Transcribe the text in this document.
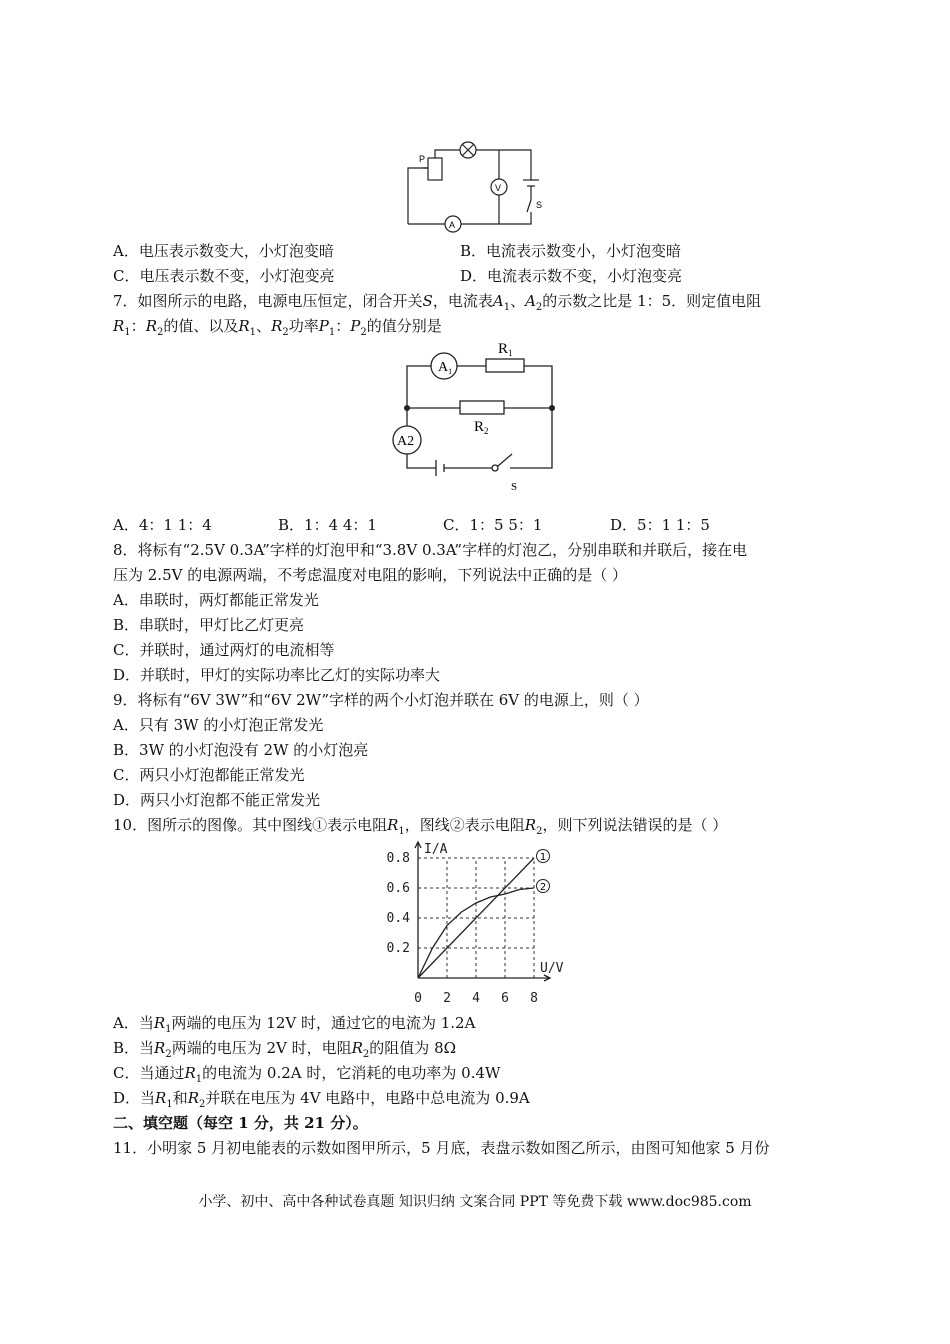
P
V
A
S
A．电压表示数变大，小灯泡变暗	B．电流表示数变小，小灯泡变暗
C．电压表示数不变，小灯泡变亮	D．电流表示数不变，小灯泡变亮
7．如图所示的电路，电源电压恒定，闭合开关S，电流表$A_1$、$A_2$的示数之比是 1：5．则定值电阻
$R_1$：$R_2$的值、以及$R_1$、$R_2$功率$P_1$：$P_2$的值分别是
$R_1$
$R_2$
$A_1$
A2
S
A．4：1 1：4	B．1：4 4：1	C．1：5 5：1	D．5：1 1：5
8．将标有“2.5V 0.3A”字样的灯泡甲和“3.8V 0.3A”字样的灯泡乙，分别串联和并联后，接在电
压为 2.5V 的电源两端，不考虑温度对电阻的影响，下列说法中正确的是（ ）
A．串联时，两灯都能正常发光
B．串联时，甲灯比乙灯更亮
C．并联时，通过两灯的电流相等
D．并联时，甲灯的实际功率比乙灯的实际功率大
9．将标有“6V 3W”和“6V 2W”字样的两个小灯泡并联在 6V 的电源上，则（ ）
A．只有 3W 的小灯泡正常发光
B．3W 的小灯泡没有 2W 的小灯泡亮
C．两只小灯泡都能正常发光
D．两只小灯泡都不能正常发光
10．图所示的图像。其中图线①表示电阻$R_1$，图线②表示电阻$R_2$，则下列说法错误的是（ ）
1
2
0 2 4 6 8
0.2
0.4
0.6
0.8
I/A
U/V
A．当$R_1$两端的电压为 12V 时，通过它的电流为 1.2A
B．当$R_2$两端的电压为 2V 时，电阻$R_2$的阻值为 8Ω
C．当通过$R_1$的电流为 0.2A 时，它消耗的电功率为 0.4W
D．当$R_1$和$R_2$并联在电压为 4V 电路中，电路中总电流为 0.9A
二、填空题（每空 1 分，共 21 分）。
11．小明家 5 月初电能表的示数如图甲所示，5 月底，表盘示数如图乙所示，由图可知他家 5 月份
小学、初中、高中各种试卷真题 知识归纳 文案合同 PPT 等免费下载 www.doc985.com
